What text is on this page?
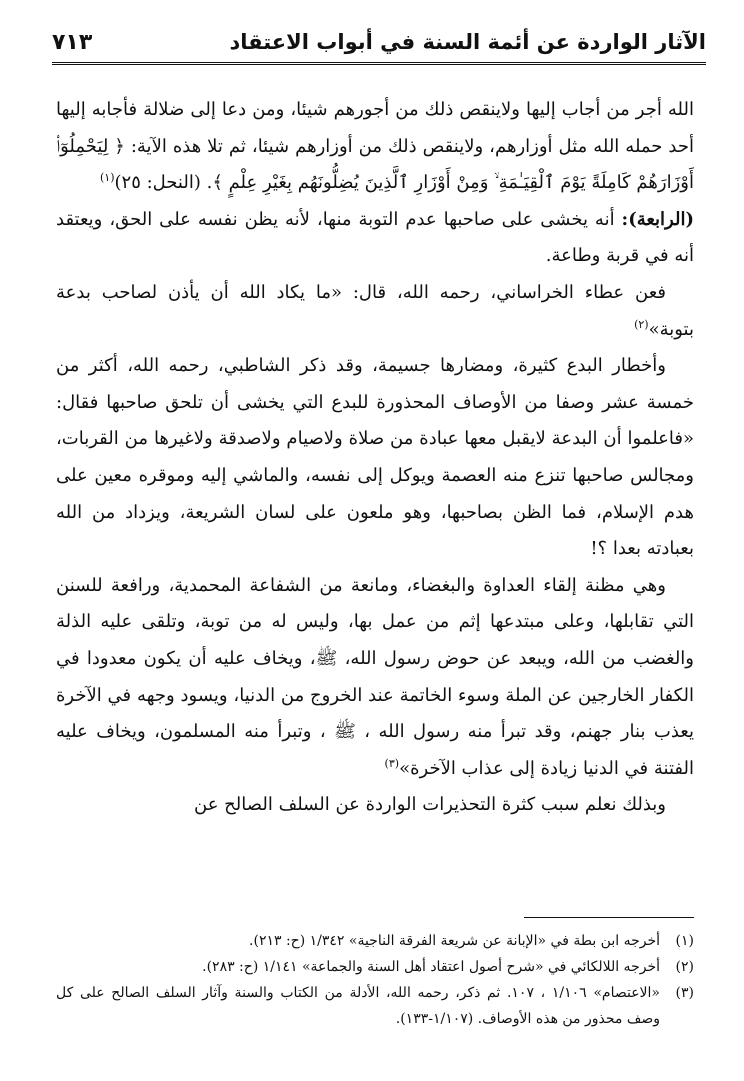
الآثار الواردة عن أئمة السنة في أبواب الاعتقاد
٧١٣

الله أجر من أجاب إليها ولاينقص ذلك من أجورهم شيئا، ومن دعا إلى ضلالة فأجابه إليها أحد حمله الله مثل أوزارهم، ولاينقص ذلك من أوزارهم شيئا، ثم تلا هذه الآية: ﴿ لِيَحْمِلُوٓا۟ أَوْزَارَهُمْ كَامِلَةً يَوْمَ ٱلْقِيَـٰمَةِ ۙ وَمِنْ أَوْزَارِ ٱلَّذِينَ يُضِلُّونَهُم بِغَيْرِ عِلْمٍ ﴾. (النحل: ٢٥)$^{(١)}$

(الرابعة): أنه يخشى على صاحبها عدم التوبة منها، لأنه يظن نفسه على الحق، ويعتقد أنه في قربة وطاعة.

فعن عطاء الخراساني، رحمه الله، قال: «ما يكاد الله أن يأذن لصاحب بدعة بتوبة»$^{(٢)}$

وأخطار البدع كثيرة، ومضارها جسيمة، وقد ذكر الشاطبي، رحمه الله، أكثر من خمسة عشر وصفا من الأوصاف المحذورة للبدع التي يخشى أن تلحق صاحبها فقال: «فاعلموا أن البدعة لايقبل معها عبادة من صلاة ولاصيام ولاصدقة ولاغيرها من القربات، ومجالس صاحبها تنزع منه العصمة ويوكل إلى نفسه، والماشي إليه وموقره معين على هدم الإسلام، فما الظن بصاحبها، وهو ملعون على لسان الشريعة، ويزداد من الله بعبادته بعدا ؟!

وهي مظنة إلقاء العداوة والبغضاء، ومانعة من الشفاعة المحمدية، ورافعة للسنن التي تقابلها، وعلى مبتدعها إثم من عمل بها، وليس له من توبة، وتلقى عليه الذلة والغضب من الله، ويبعد عن حوض رسول الله، ﷺ، ويخاف عليه أن يكون معدودا في الكفار الخارجين عن الملة وسوء الخاتمة عند الخروج من الدنيا، ويسود وجهه في الآخرة يعذب بنار جهنم، وقد تبرأ منه رسول الله ، ﷺ ، وتبرأ منه المسلمون، ويخاف عليه الفتنة في الدنيا زيادة إلى عذاب الآخرة»$^{(٣)}$

وبذلك نعلم سبب كثرة التحذيرات الواردة عن السلف الصالح عن

(١)
أخرجه ابن بطة في «الإبانة عن شريعة الفرقة الناجية» ١/٣٤٢ (ح: ٢١٣).

(٢)
أخرجه اللالكائي في «شرح أصول اعتقاد أهل السنة والجماعة» ١/١٤١ (ح: ٢٨٣).

(٣)
«الاعتصام» ١/١٠٦ ، ١٠٧. ثم ذكر، رحمه الله، الأدلة من الكتاب والسنة وآثار السلف الصالح على كل وصف محذور من هذه الأوصاف. (١/١٠٧-١٣٣).
